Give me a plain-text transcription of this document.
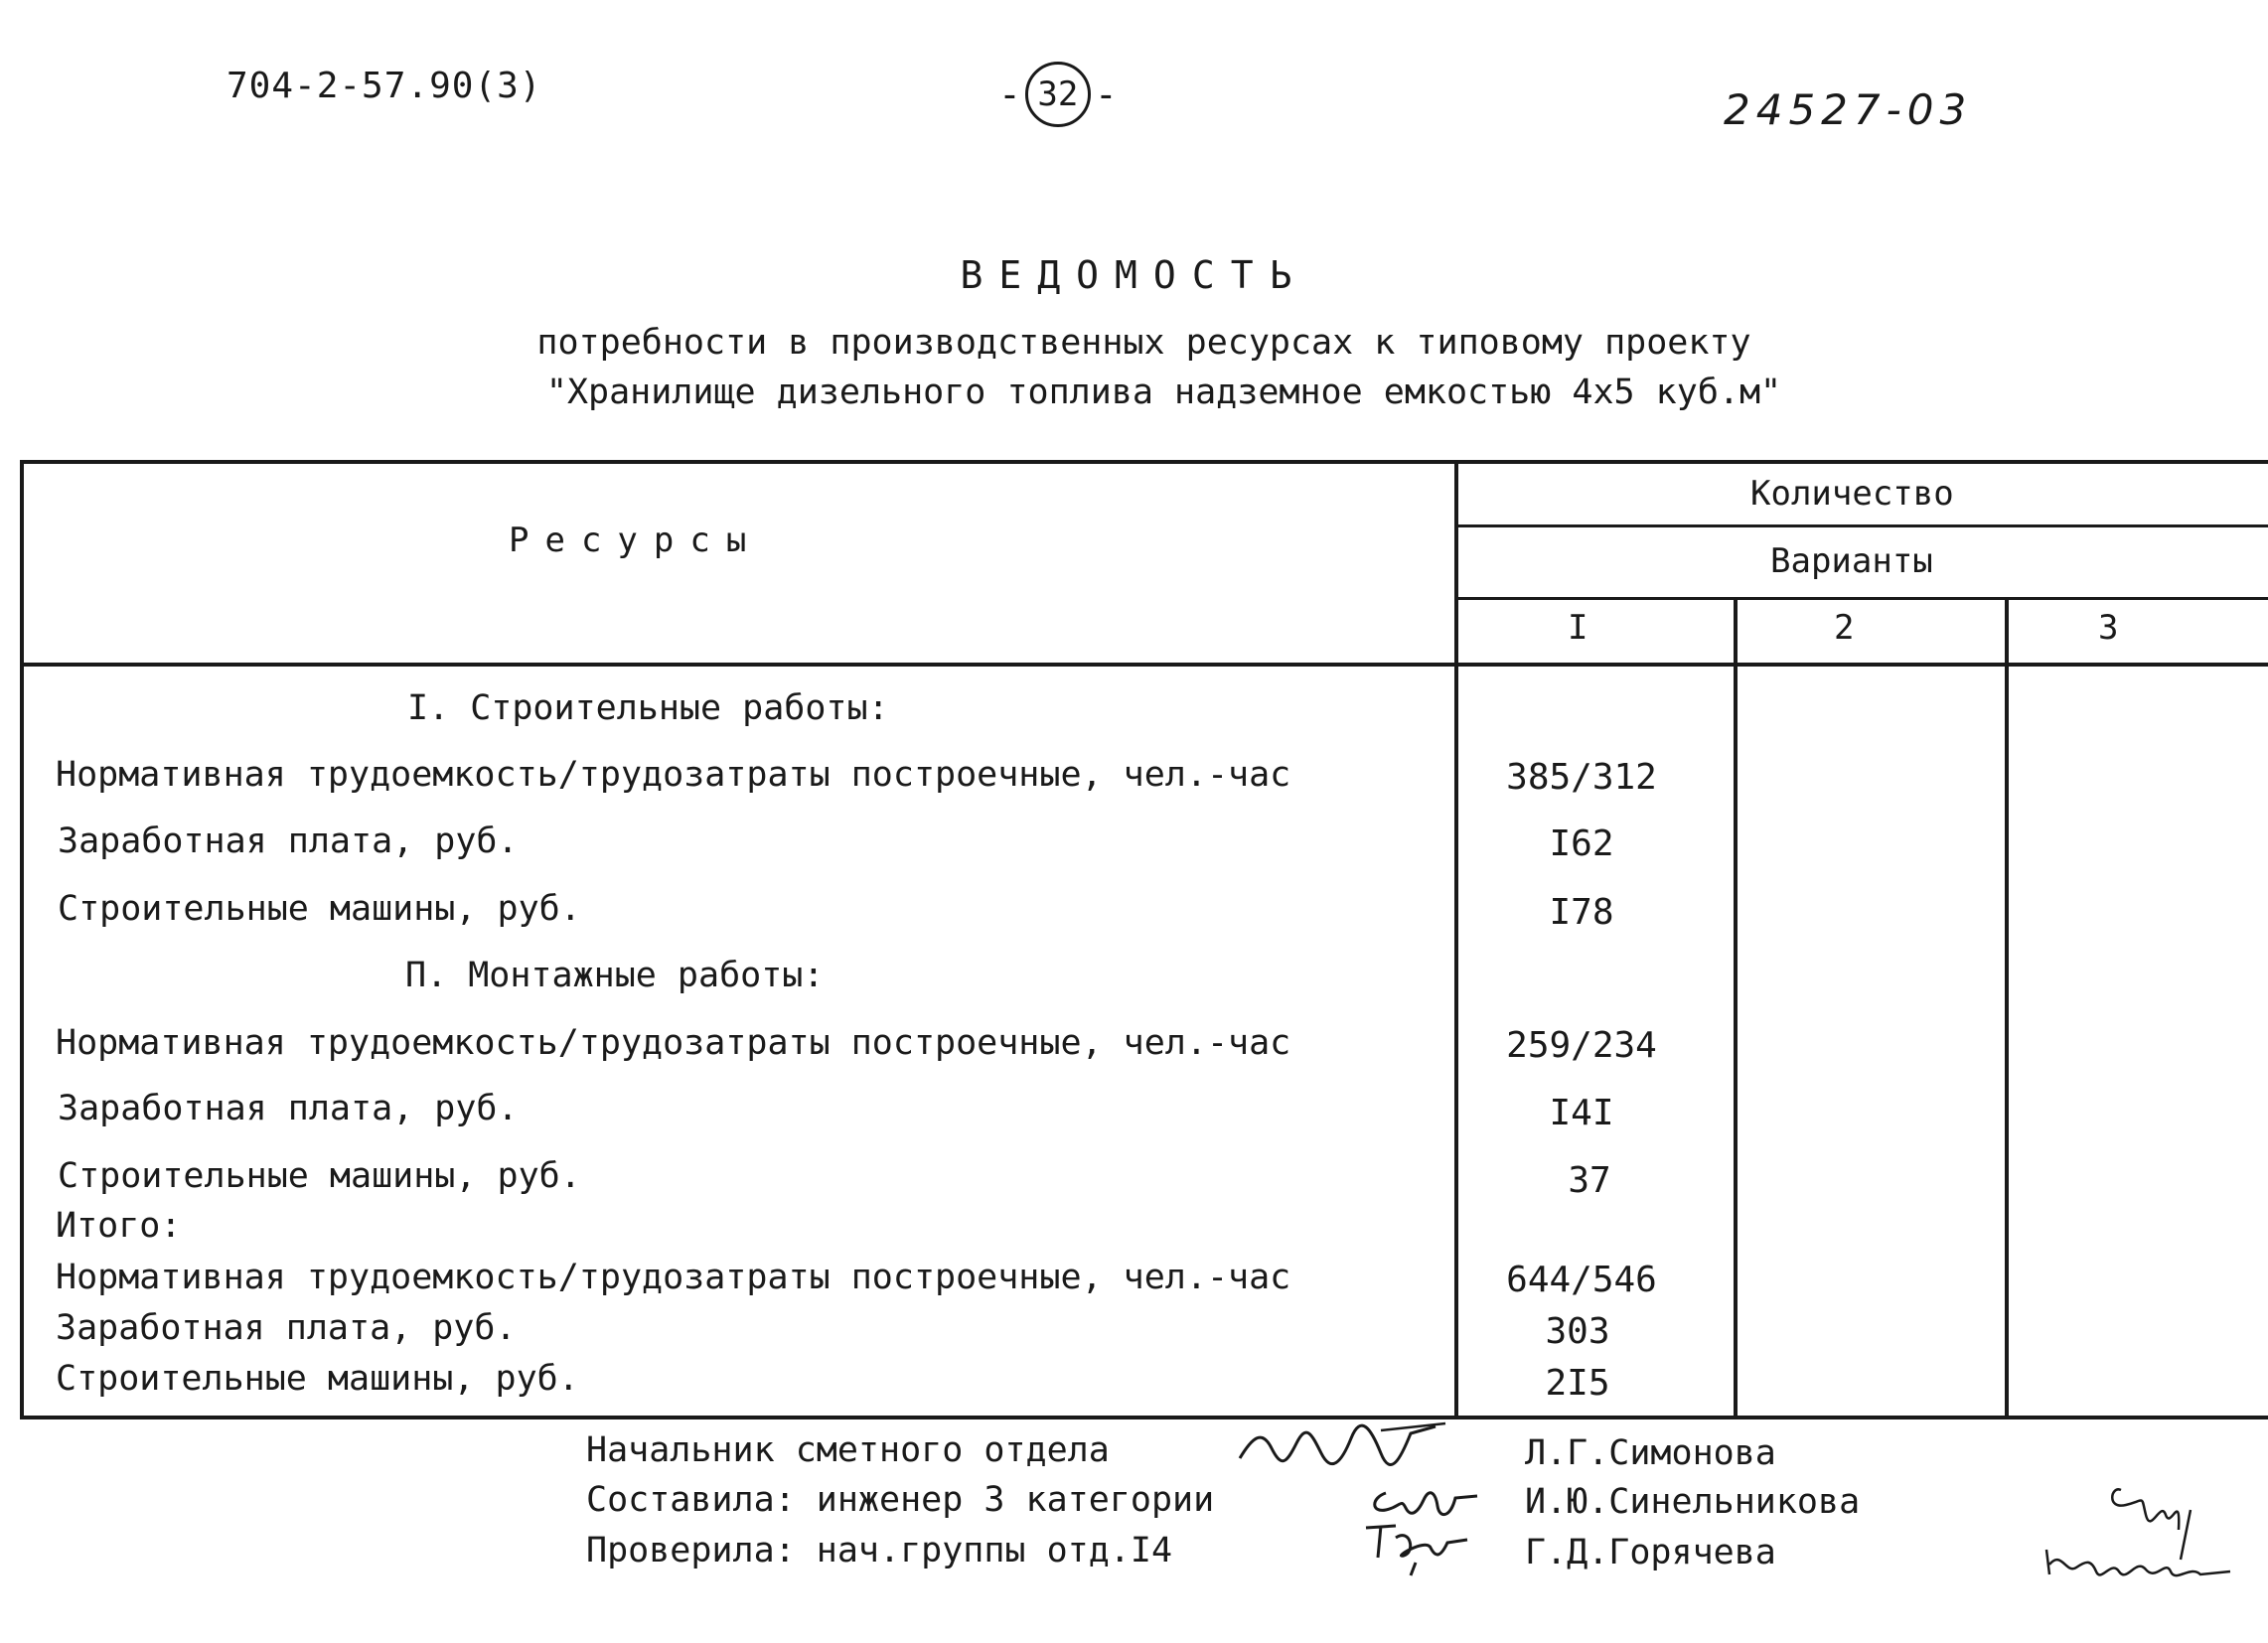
704-2-57.90(3)	- 32 -	24527-03
ВЕДОМОСТЬ
потребности в производственных ресурсах к типовому проекту
"Хранилище дизельного топлива надземное емкостью 4х5 куб.м"
Ресурсы
Количество
Варианты
I	2	3
I. Строительные работы:
Нормативная трудоемкость/трудозатраты построечные, чел.-час	385/312
Заработная плата, руб.	I62
Строительные машины, руб.	I78
П. Монтажные работы:
Нормативная трудоемкость/трудозатраты построечные, чел.-час	259/234
Заработная плата, руб.	I4I
Строительные машины, руб.	37
Итого:
Нормативная трудоемкость/трудозатраты построечные, чел.-час	644/546
Заработная плата, руб.	303
Строительные машины, руб.	2I5
Начальник сметного отдела	Л.Г.Симонова
Составила: инженер 3 категории	И.Ю.Синельникова
Проверила: нач.группы отд.I4	Г.Д.Горячева
